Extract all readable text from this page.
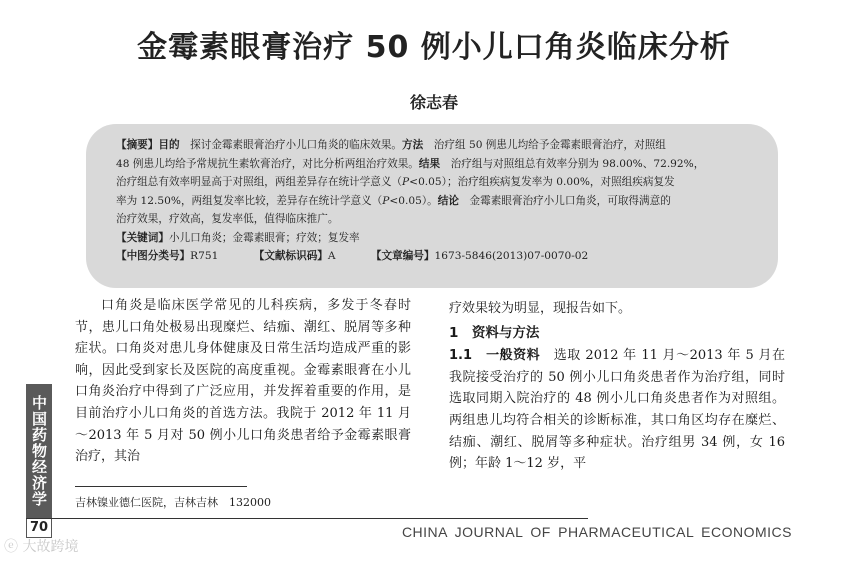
金霉素眼膏治疗 50 例小儿口角炎临床分析
徐志春

【摘要】目的　探讨金霉素眼膏治疗小儿口角炎的临床效果。方法　治疗组 50 例患儿均给予金霉素眼膏治疗，对照组

48 例患儿均给予常规抗生素软膏治疗，对比分析两组治疗效果。结果　治疗组与对照组总有效率分别为 98.00%、72.92%，

治疗组总有效率明显高于对照组，两组差异存在统计学意义（P<0.05）；治疗组疾病复发率为 0.00%，对照组疾病复发

率为 12.50%，两组复发率比较，差异存在统计学意义（P<0.05）。结论　金霉素眼膏治疗小儿口角炎，可取得满意的

治疗效果，疗效高，复发率低，值得临床推广。

【关键词】小儿口角炎；金霉素眼膏；疗效；复发率

【中图分类号】R751	【文献标识码】A	【文章编号】1673-5846(2013)07-0070-02

口角炎是临床医学常见的儿科疾病，多发于冬春时节，患儿口角处极易出现糜烂、结痂、潮红、脱屑等多种症状。口角炎对患儿身体健康及日常生活均造成严重的影响，因此受到家长及医院的高度重视。金霉素眼膏在小儿口角炎治疗中得到了广泛应用，并发挥着重要的作用，是目前治疗小儿口角炎的首选方法。我院于 2012 年 11 月～2013 年 5 月对 50 例小儿口角炎患者给予金霉素眼膏治疗，其治

疗效果较为明显，现报告如下。

1　资料与方法

1.1　一般资料　 选取 2012 年 11 月～2013 年 5 月在我院接受治疗的 50 例小儿口角炎患者作为治疗组，同时选取同期入院治疗的 48 例小儿口角炎患者作为对照组。两组患儿均符合相关的诊断标准，其口角区均存在糜烂、结痂、潮红、脱屑等多种症状。治疗组男 34 例，女 16 例；年龄 1～12 岁，平

吉林镍业德仁医院，吉林吉林　132000
中国药物经济学
70	CHINA JOURNAL OF PHARMACEUTICAL ECONOMICS
ⓔ 大故跨境
